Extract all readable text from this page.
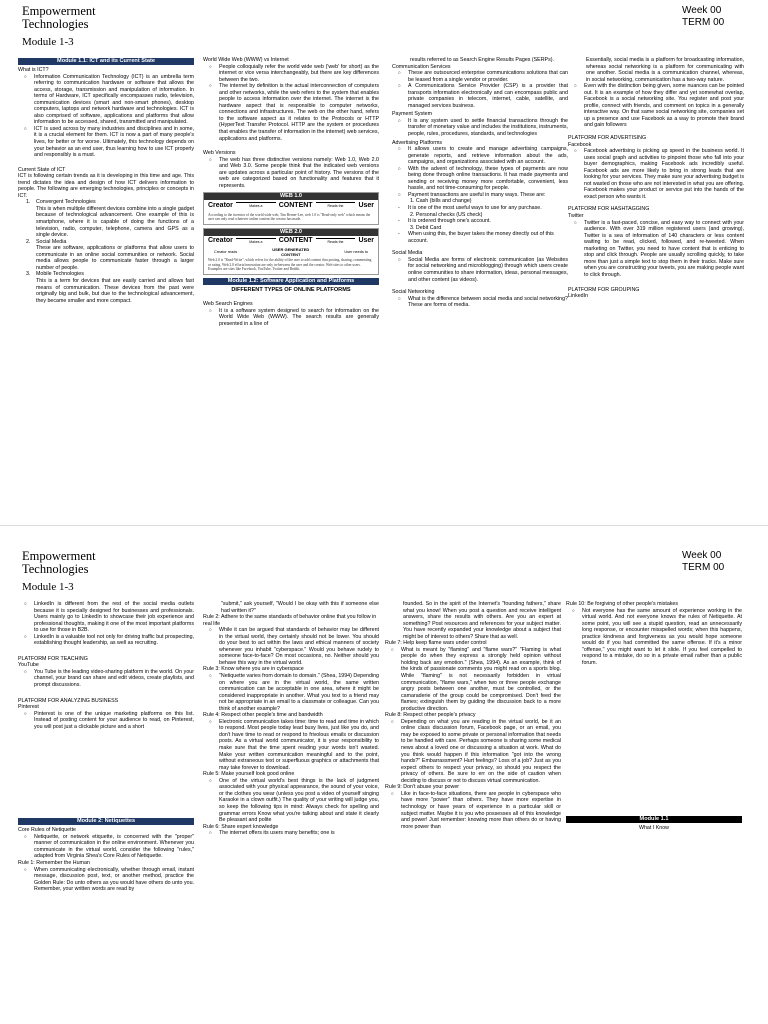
Empowerment
Technologies
Module 1-3
Week 00
TERM 00
Module 1.1: ICT and its Current State

What is ICT?

○ Information Communication Technology (ICT) is an umbrella term referring to communication hardware or software that allows the access, storage, transmission and manipulation of information. In terms of Hardware, ICT specifically encompasses radio, television, communication devices (smart and non-smart phones), desktop computers, laptops and network hardware and technologies. ICT is also comprised of software, applications and platforms that allow information to be accessed, shared, transmitted and manipulated.

○ ICT is used across by many industries and disciplines and in some, it is a crucial element for them. ICT is now a part of many people's lives, for better or for worse. Ultimately, this technology depends on your behavior as an end user, thus learning how to use ICT properly and responsibly is a must.

Current State of ICT

ICT is following certain trends as it is developing in this time and age. This trend dictates the idea and design of how ICT delivers information to people. The following are emerging technologies, principles or concepts in ICT.

1. Convergent Technologies

This is when multiple different devices combine into a single gadget because of technological advancement. One example of this is smartphone, where it is capable of doing the functions of a television, radio, computer, telephone, camera and GPS as a single device.

2. Social Media

These are software, applications or platforms that allow users to communicate in an online social communities or network. Social media allows people to communicate faster through a larger number of people.

3. Mobile Technologies

This is a term for devices that are easily carried and allows fast means of communication. These devices from the past were originally big and bulk, but due to the technological advancement, they became smaller and more compact.

World Wide Web (WWW) vs Internet

○ People colloquially refer the world wide web ('web' for short) as the internet or vice versa interchangeably, but there are key differences between the two.

○ The internet by definition is the actual interconnection of computers and other networks, while the web refers to the system that enables people to access information over the internet. The internet is the hardware aspect that is responsible to computer networks, connections and infrastructures. The web on the other hand, refers to the software aspect as it relates to the Protocols or HTTP (HyperText Transfer Protocol. HTTP are the system or procedures that enables the transfer of information in the internet) web services, applications and platforms.

Web Versions

○ The web has three distinctive versions namely: Web 1.0, Web 2.0 and Web 3.0. Some people think that the indicated web versions are updates across a particular point of history. The versions of the web are categorized based on functionality and features that it represents.

WEB 1.0
Creator	Makes a	CONTENT	Reads the	User
According to the inventor of the world wide web, Tim Berner-Lee, web 1.0 is "Read-only web" which means the user can only read whatever online content the creator has made.
WEB 2.0
Creator	Makes a	CONTENT	Reads the	User
Creator reads	USER GENERATED CONTENT
User needs to
Web 2.0 is "Read-Write", which refers for the ability of the user to add content thru posting, sharing, commenting or rating. Web 2.0 efforts/innovation are only in-between the user and the creator. Web sites to other users. Examples are sites like Facebook, YouTube, Twitter and Reddit.
Module 1.2: Software Application and Platforms

DIFFERENT TYPES OF ONLINE PLATFORMS

Web Search Engines

○ It is a software system designed to search for information on the World Wide Web (WWW). The search results are generally presented in a line of

results referred to as Search Engine Results Pages (SERPs).

Communication Services

○ These are outsourced enterprise communications solutions that can be leased from a single vendor or provider.

○ A Communications Service Provider (CSP) is a provider that transports information electronically and can encompass public and private companies in telecom, internet, cable, satellite, and managed services business.

Payment System

○ It is any system used to settle financial transactions through the transfer of monetary value and includes the institutions, instruments, people, rules, procedures, standards, and technologies

Advertising Platforms

○ It allows users to create and manage advertising campaigns, generate reports, and retrieve information about the ads, campaigns, and organizations associated with an account.

○ With the advent of technology, these types of payments are now being done through online transactions. It has made payments and sending or receiving money more comfortable, convenient, less hassle, and not time-consuming for people.

○ Payment transactions are useful in many ways. These are:

1. Cash (bills and change)

- It is one of the most useful ways to use for any purchase.

2. Personal checks (US check)

- It is ordered through one's account.

3. Debit Card

- When using this, the buyer takes the money directly out of this account.

Social Media

○ Social Media are forms of electronic communication (as Websites for social networking and microblogging) through which users create online communities to share information, ideas, personal messages, and other content (as videos).

Social Networking

○ What is the difference between social media and social networking? These are forms of media.

Essentially, social media is a platform for broadcasting information, whereas social networking is a platform for communicating with one another. Social media is a communication channel, whereas, in social networking, communication has a two-way nature.

○ Even with the distinction being given, some nuances can be pointed out. It is an example of how they differ and yet somewhat overlap, Facebook is a social networking site. You register and post your profile, connect with friends, and comment on topics in a generally interactive way. On that same social networking site, companies set up a presence and use Facebook as a way to promote their brand and gain followers

PLATFORM FOR ADVERTISING

Facebook

○ Facebook advertising is picking up speed in the business world. It uses social graph and activities to pinpoint those who fall into your buyer demographics, making Facebook ads incredibly useful. Facebook ads are more likely to bring in strong leads that are looking for your services. They make sure your advertising budget is not wasted on those who are not interested in what you are offering. Facebook makes your product or service put into the hands of the exact person who wants it.

PLATFORM FOR HASHTAGGING

Twitter

○ Twitter is a fast-paced, concise, and easy way to connect with your audience. With over 319 million registered users (and growing), Twitter is a sea of information of 140 characters or less content waiting to be read, clicked, followed, and re-tweeted. When marketing on Twitter, you need to have content that is enticing to stop and click through. People are usually scrolling quickly, to take more than just a simple text to stop them in their tracks. Make sure when you are constructing your tweets, you are making people want to click through.

PLATFORM FOR GROUPING

LinkedIn

Empowerment
Technologies
Module 1-3
Week 00
TERM 00

○ LinkedIn is different from the rest of the social media outlets because it is specially designed for businesses and professionals. Users mainly go to LinkedIn to showcase their job experience and professional thoughts, making it one of the most important platforms to use for those in B2B.

○ LinkedIn is a valuable tool not only for driving traffic but prospecting, establishing thought leadership, as well as recruiting.

PLATFORM FOR TEACHING

YouTube

○ You Tube is the leading video-sharing platform in the world. On your channel, your brand can share and edit videos, create playlists, and prompt discussions.

PLATFORM FOR ANALYZING BUSINESS

Pinterest

○ Pinterest is one of the unique marketing platforms on this list. Instead of posting content for your audience to read, on Pinterest, you will post just a clickable picture and a short

Module 2: Netiquettes

Core Rules of Netiquette

○ Netiquette, or network etiquette, is concerned with the "proper" manner of communication in the online environment. Whenever you communicate in the virtual world, consider the following "rules," adapted from Virginia Shea's Core Rules of Netiquette.

Rule 1: Remember the Human

○ When communicating electronically, whether through email, instant message, discussion post, text, or another method, practice the Golden Rule: Do unto others as you would have others do unto you. Remember, your written words are read by

"submit," ask yourself, "Would I be okay with this if someone else had written it?"

Rule 2: Adhere to the same standards of behavior online that you follow in real life

○ While it can be argued that standards of behavior may be different in the virtual world, they certainly should not be lower. You should do your best to act within the laws and ethical manners of society whenever you inhabit "cyberspace." Would you behave rudely to someone face-to-face? On most occasions, no. Neither should you behave this way in the virtual world.

Rule 3: Know where you are in cyberspace

○ "Netiquette varies from domain to domain." (Shea, 1994) Depending on where you are in the virtual world, the same written communication can be acceptable in one area, where it might be considered inappropriate in another. What you text to a friend may not be appropriate in an email to a classmate or colleague. Can you think of another example?

Rule 4: Respect other people's time and bandwidth

○ Electronic communication takes time: time to read and time in which to respond. Most people today lead busy lives, just like you do, and don't have time to read or respond to frivolous emails or discussion posts. As a virtual world communicator, it is your responsibility to make sure that the time spent reading your words isn't wasted. Make your written communication meaningful and to the point, without extraneous text or superfluous graphics or attachments that may take forever to download.

Rule 5: Make yourself look good online

○ One of the virtual world's best things is the lack of judgment associated with your physical appearance, the sound of your voice, or the clothes you wear (unless you post a video of yourself singing Karaoke in a clown outfit.) The quality of your writing will judge you, so keep the following tips in mind: Always check for spelling and grammar errors Know what you're talking about and state it clearly Be pleasant and polite

Rule 6: Share expert knowledge

○ The internet offers its users many benefits; one is

founded. So in the spirit of the Internet's "founding fathers," share what you know! When you post a question and receive intelligent answers, share the results with others. Are you an expert at something? Post resources and references for your subject matter. You have recently expanded your knowledge about a subject that might be of interest to others? Share that as well.

Rule 7: Help keep flame wars under control

○ What is meant by "flaming" and "flame wars?" "Flaming is what people do when they express a strongly held opinion without holding back any emotion." (Shea, 1994). As an example, think of the kinds of passionate comments you might read on a sports blog. While "flaming" is not necessarily forbidden in virtual communication, "flame wars," when two or three people exchange angry posts between one another, must be controlled, or the camaraderie of the group could be compromised. Don't feed the flames; extinguish them by guiding the discussion back to a more productive direction.

Rule 8: Respect other people's privacy

○ Depending on what you are reading in the virtual world, be it an online class discussion forum, Facebook page, or an email, you may be exposed to some private or personal information that needs to be handled with care. Perhaps someone is sharing some medical news about a loved one or discussing a situation at work. What do you think would happen if this information "got into the wrong hands?" Embarrassment? Hurt feelings? Loss of a job? Just as you expect others to respect your privacy, so should you respect the privacy of others. Be sure to err on the side of caution when deciding to discuss or not to discuss virtual communication.

Rule 9: Don't abuse your power

○ Like in face-to-face situations, there are people in cyberspace who have more "power" than others. They have more expertise in technology or have years of experience in a particular skill or subject matter. Maybe it is you who possesses all of this knowledge and power! Just remember: knowing more than others do or having more power than

Rule 10: Be forgiving of other people's mistakes

○ Not everyone has the same amount of experience working in the virtual world. And not everyone knows the rules of Netiquette. At some point, you will see a stupid question, read an unnecessarily long response, or encounter misspelled words; when this happens, practice kindness and forgiveness as you would hope someone would do if you had committed the same offense. If it's a minor "offense," you might want to let it slide. If you feel compelled to respond to a mistake, do so in a private email rather than a public forum.

Module 1.1

What I Know
